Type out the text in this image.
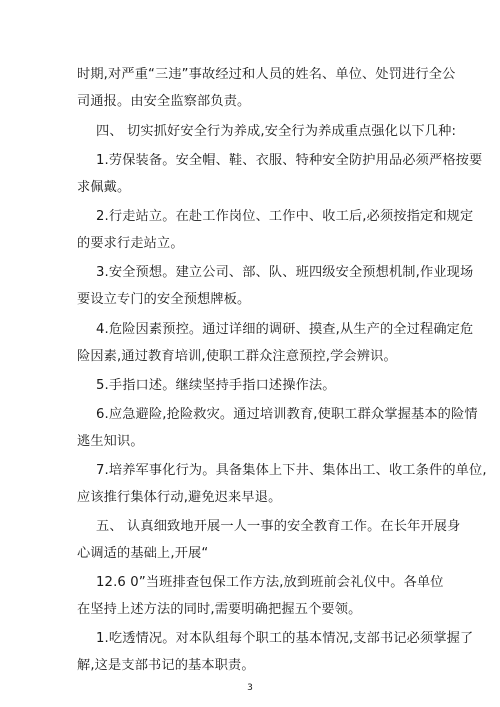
时期,对严重“三违”事故经过和人员的姓名、单位、处罚进行全公
司通报。由安全监察部负责。
四、 切实抓好安全行为养成,安全行为养成重点强化以下几种:
1.劳保装备。安全帽、鞋、衣服、特种安全防护用品必须严格按要
求佩戴。
2.行走站立。在赴工作岗位、工作中、收工后,必须按指定和规定
的要求行走站立。
3.安全预想。建立公司、部、队、班四级安全预想机制,作业现场
要设立专门的安全预想牌板。
4.危险因素预控。通过详细的调研、摸查,从生产的全过程确定危
险因素,通过教育培训,使职工群众注意预控,学会辨识。
5.手指口述。继续坚持手指口述操作法。
6.应急避险,抢险救灾。通过培训教育,使职工群众掌握基本的险情
逃生知识。
7.培养军事化行为。具备集体上下井、集体出工、收工条件的单位,
应该推行集体行动,避免迟来早退。
五、 认真细致地开展一人一事的安全教育工作。在长年开展身
心调适的基础上,开展“
12.6 0”当班排查包保工作方法,放到班前会礼仪中。各单位
在坚持上述方法的同时,需要明确把握五个要领。
1.吃透情况。对本队组每个职工的基本情况,支部书记必须掌握了
解,这是支部书记的基本职责。
3
